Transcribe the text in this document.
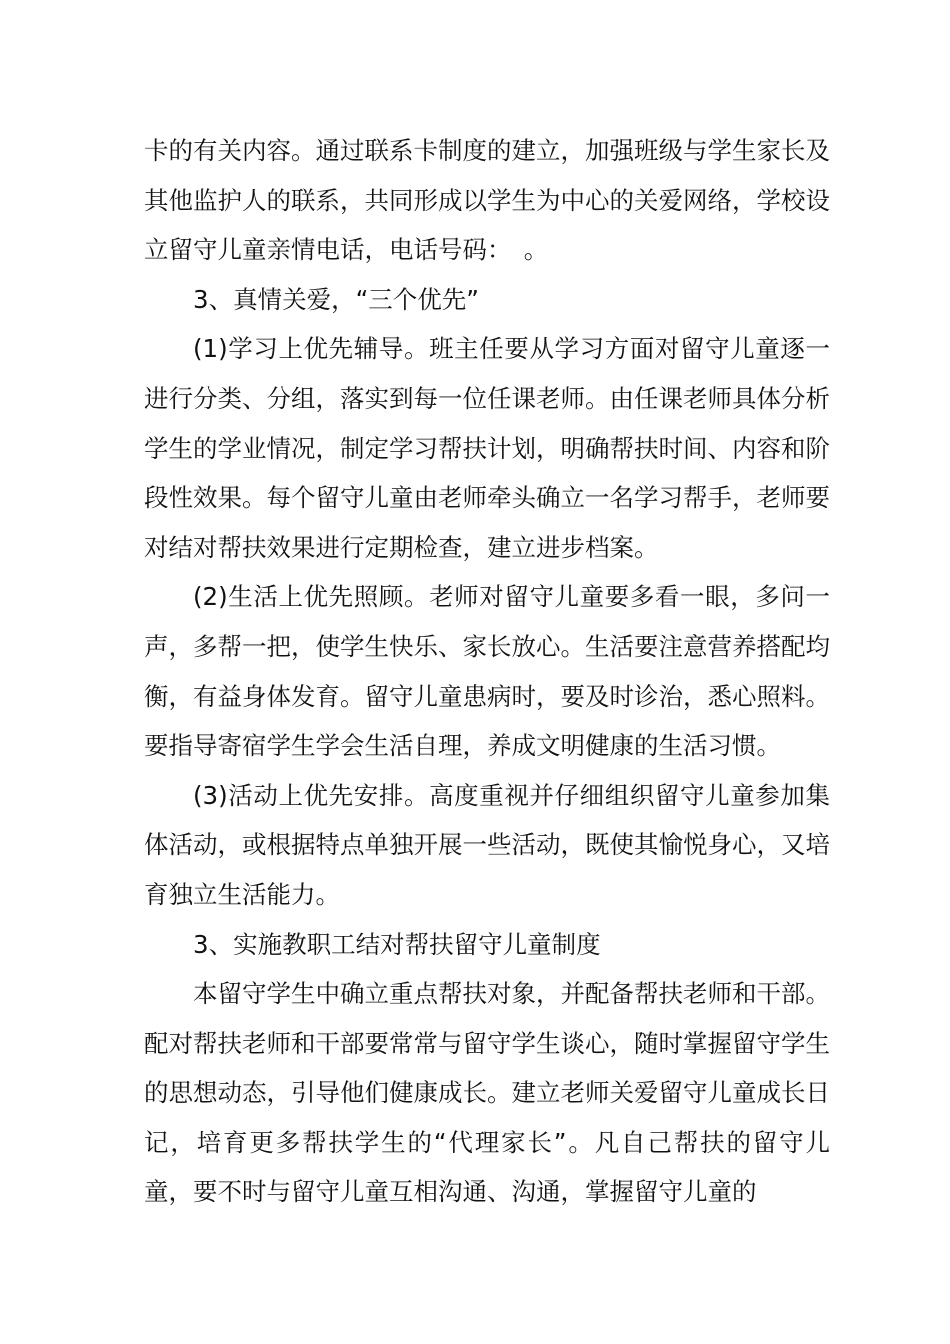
卡的有关内容。通过联系卡制度的建立，加强班级与学生家长及其他监护人的联系，共同形成以学生为中心的关爱网络，学校设立留守儿童亲情电话，电话号码：　。

3、真情关爱，“三个优先”

(1)学习上优先辅导。班主任要从学习方面对留守儿童逐一进行分类、分组，落实到每一位任课老师。由任课老师具体分析学生的学业情况，制定学习帮扶计划，明确帮扶时间、内容和阶段性效果。每个留守儿童由老师牵头确立一名学习帮手，老师要对结对帮扶效果进行定期检查，建立进步档案。

(2)生活上优先照顾。老师对留守儿童要多看一眼，多问一声，多帮一把，使学生快乐、家长放心。生活要注意营养搭配均衡，有益身体发育。留守儿童患病时，要及时诊治，悉心照料。要指导寄宿学生学会生活自理，养成文明健康的生活习惯。

(3)活动上优先安排。高度重视并仔细组织留守儿童参加集体活动，或根据特点单独开展一些活动，既使其愉悦身心，又培育独立生活能力。

3、实施教职工结对帮扶留守儿童制度

本留守学生中确立重点帮扶对象，并配备帮扶老师和干部。配对帮扶老师和干部要常常与留守学生谈心，随时掌握留守学生的思想动态，引导他们健康成长。建立老师关爱留守儿童成长日记，培育更多帮扶学生的“代理家长”。凡自己帮扶的留守儿童，要不时与留守儿童互相沟通、沟通，掌握留守儿童的
